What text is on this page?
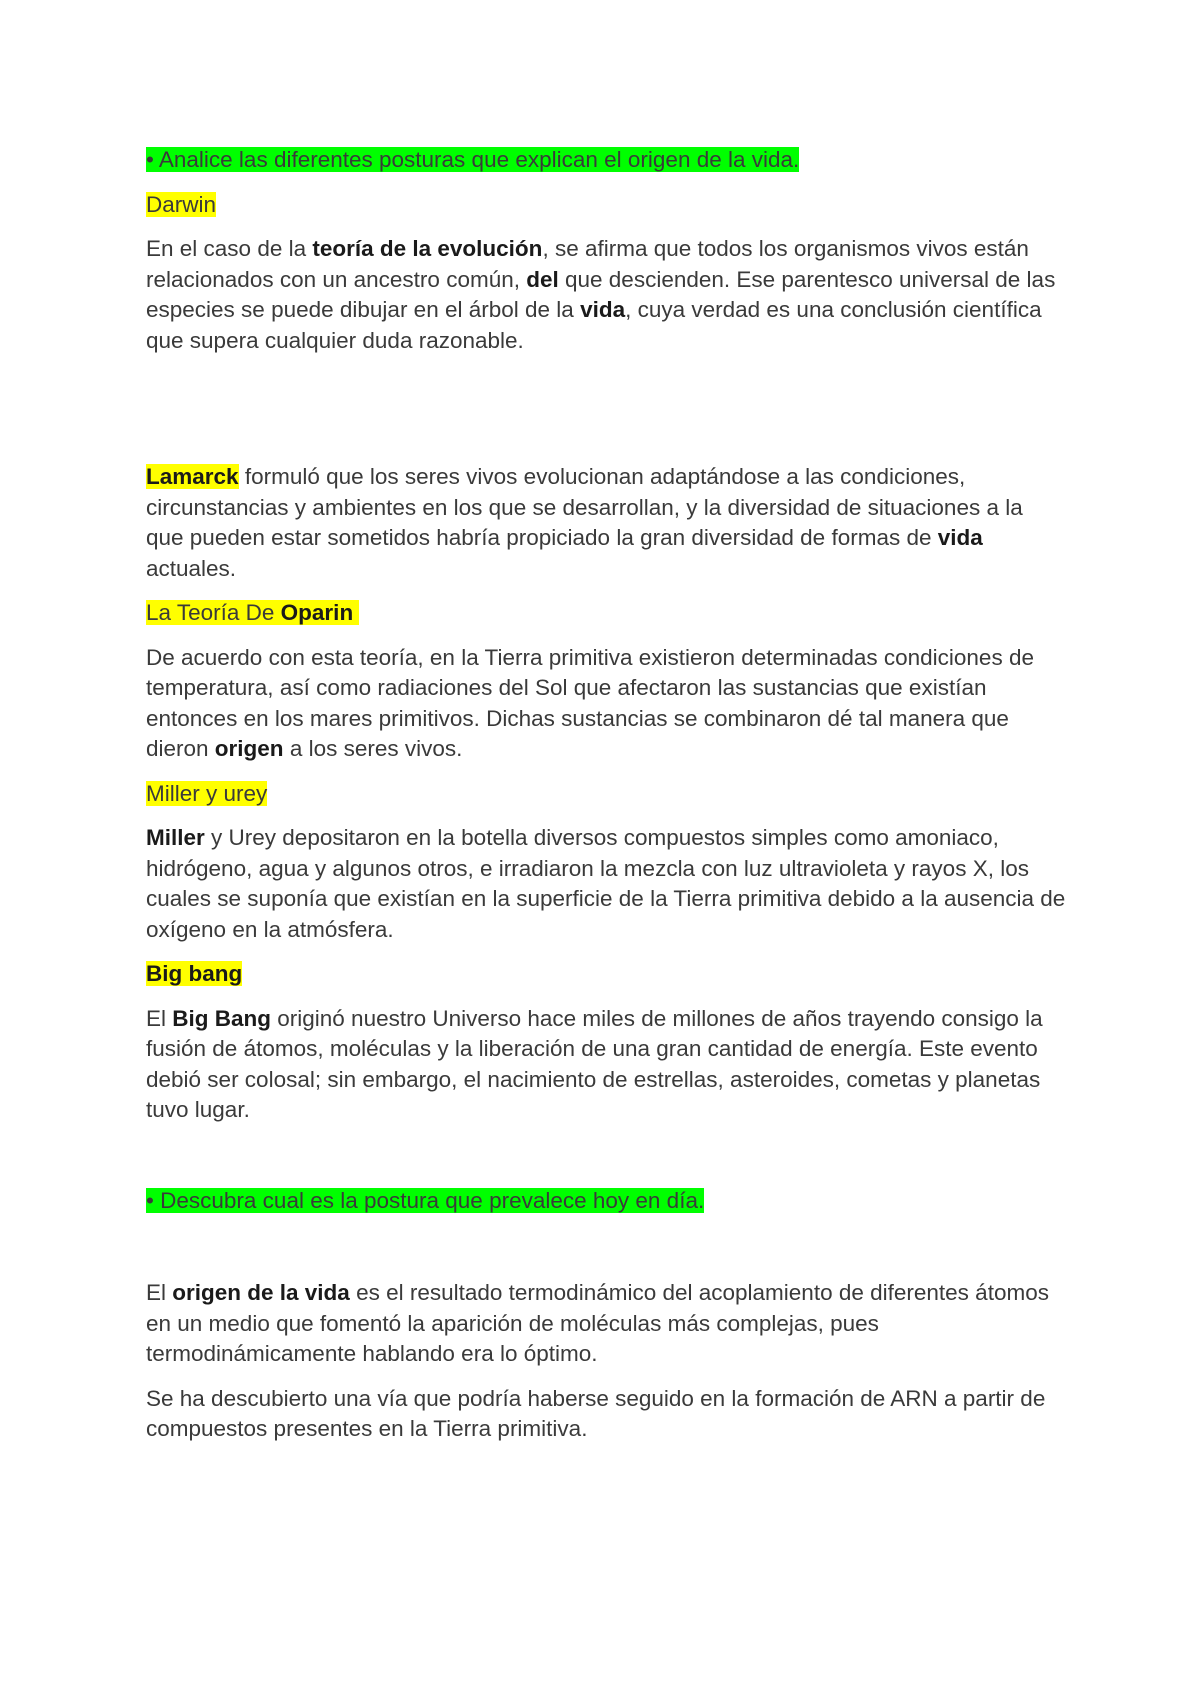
• Analice las diferentes posturas que explican el origen de la vida.

Darwin

En el caso de la teoría de la evolución, se afirma que todos los organismos vivos están relacionados con un ancestro común, del que descienden. Ese parentesco universal de las especies se puede dibujar en el árbol de la vida, cuya verdad es una conclusión científica que supera cualquier duda razonable.

Lamarck formuló que los seres vivos evolucionan adaptándose a las condiciones, circunstancias y ambientes en los que se desarrollan, y la diversidad de situaciones a la que pueden estar sometidos habría propiciado la gran diversidad de formas de vida actuales.

La Teoría De Oparin

De acuerdo con esta teoría, en la Tierra primitiva existieron determinadas condiciones de temperatura, así como radiaciones del Sol que afectaron las sustancias que existían entonces en los mares primitivos. Dichas sustancias se combinaron dé tal manera que dieron origen a los seres vivos.

Miller y urey

Miller y Urey depositaron en la botella diversos compuestos simples como amoniaco, hidrógeno, agua y algunos otros, e irradiaron la mezcla con luz ultravioleta y rayos X, los cuales se suponía que existían en la superficie de la Tierra primitiva debido a la ausencia de oxígeno en la atmósfera.

Big bang

El Big Bang originó nuestro Universo hace miles de millones de años trayendo consigo la fusión de átomos, moléculas y la liberación de una gran cantidad de energía. Este evento debió ser colosal; sin embargo, el nacimiento de estrellas, asteroides, cometas y planetas tuvo lugar.

• Descubra cual es la postura que prevalece hoy en día.

El origen de la vida es el resultado termodinámico del acoplamiento de diferentes átomos en un medio que fomentó la aparición de moléculas más complejas, pues termodinámicamente hablando era lo óptimo.

Se ha descubierto una vía que podría haberse seguido en la formación de ARN a partir de compuestos presentes en la Tierra primitiva.
